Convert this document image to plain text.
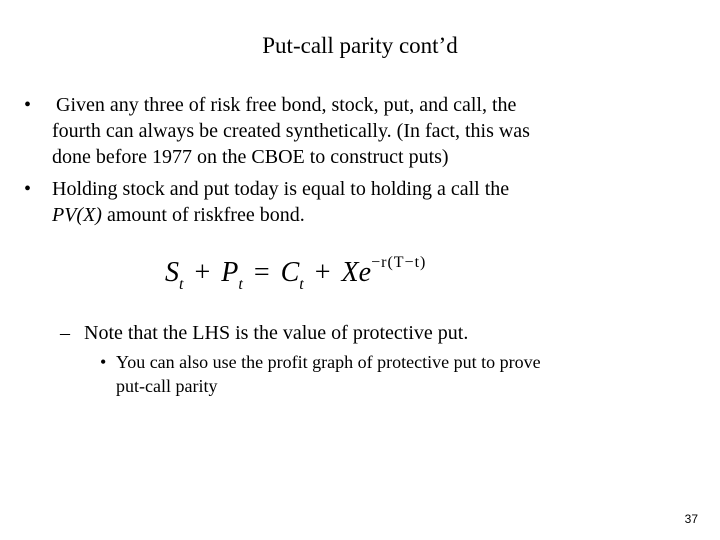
Put-call parity cont’d
•	Given any three of risk free bond, stock, put, and call, the
fourth can always be created synthetically. (In fact, this was
done before 1977 on the CBOE to construct puts)
•	Holding stock and put today is equal to holding a call the
PV(X) amount of riskfree bond.
$S_t + P_t = C_t + Xe^{-r(T-t)}$
– Note that the LHS is the value of protective put.
• You can also use the profit graph of protective put to prove
put-call parity
37
